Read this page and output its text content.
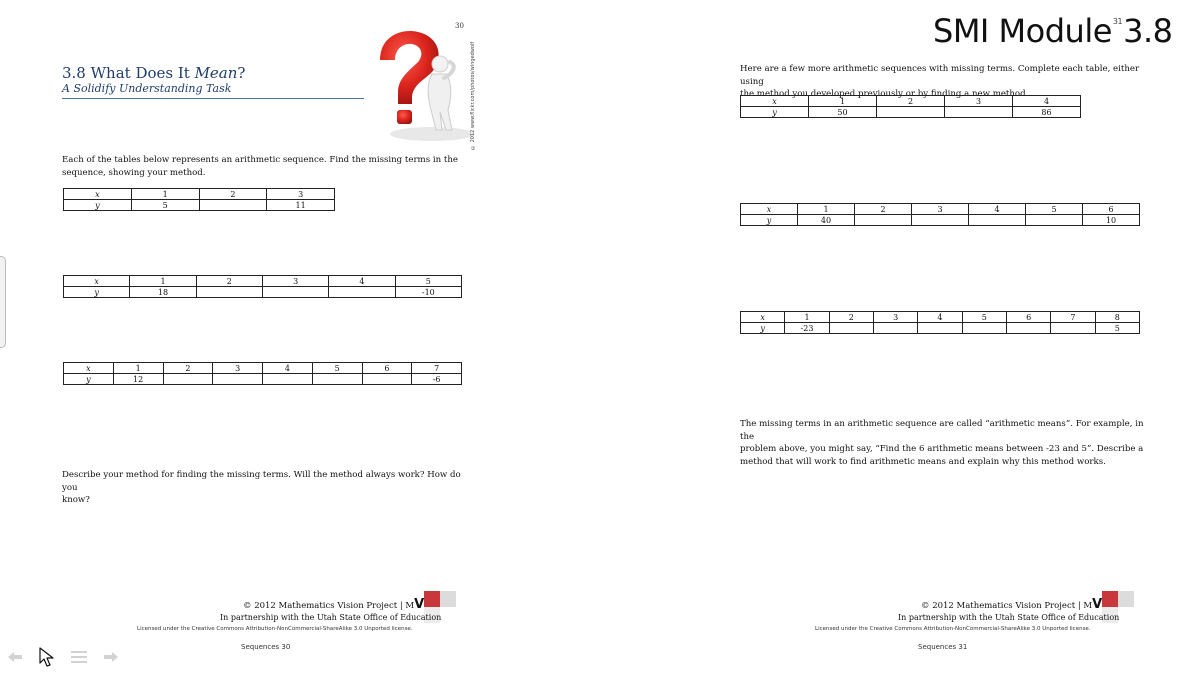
SMI Module$^{31}$3.8
30
3.8 What Does It Mean?
A Solidify Understanding Task	© 2012 www.flickr.com/photos/wingedwolf
Each of the tables below represents an arithmetic sequence. Find the missing terms in the
sequence, showing your method.
x	1	2	3
y	5		11
x	1	2	3	4	5
y	18				-10
x	1	2	3	4	5	6	7
y	12						-6
Describe your method for finding the missing terms. Will the method always work? How do you
know?
© 2012 Mathematics Vision Project | MV
In partnership with the Utah State Office of Education
Licensed under the Creative Commons Attribution-NonCommercial-ShareAlike 3.0 Unported license.
Sequences 30
Here are a few more arithmetic sequences with missing terms. Complete each table, either using
the method you developed previously or by finding a new method.
x	1	2	3	4
y	50			86
x	1	2	3	4	5	6
y	40					10
x	1	2	3	4	5	6	7	8
y	-23							5
The missing terms in an arithmetic sequence are called “arithmetic means”. For example, in the
problem above, you might say, “Find the 6 arithmetic means between -23 and 5”. Describe a
method that will work to find arithmetic means and explain why this method works.
© 2012 Mathematics Vision Project | MV
In partnership with the Utah State Office of Education
Licensed under the Creative Commons Attribution-NonCommercial-ShareAlike 3.0 Unported license.
Sequences 31
